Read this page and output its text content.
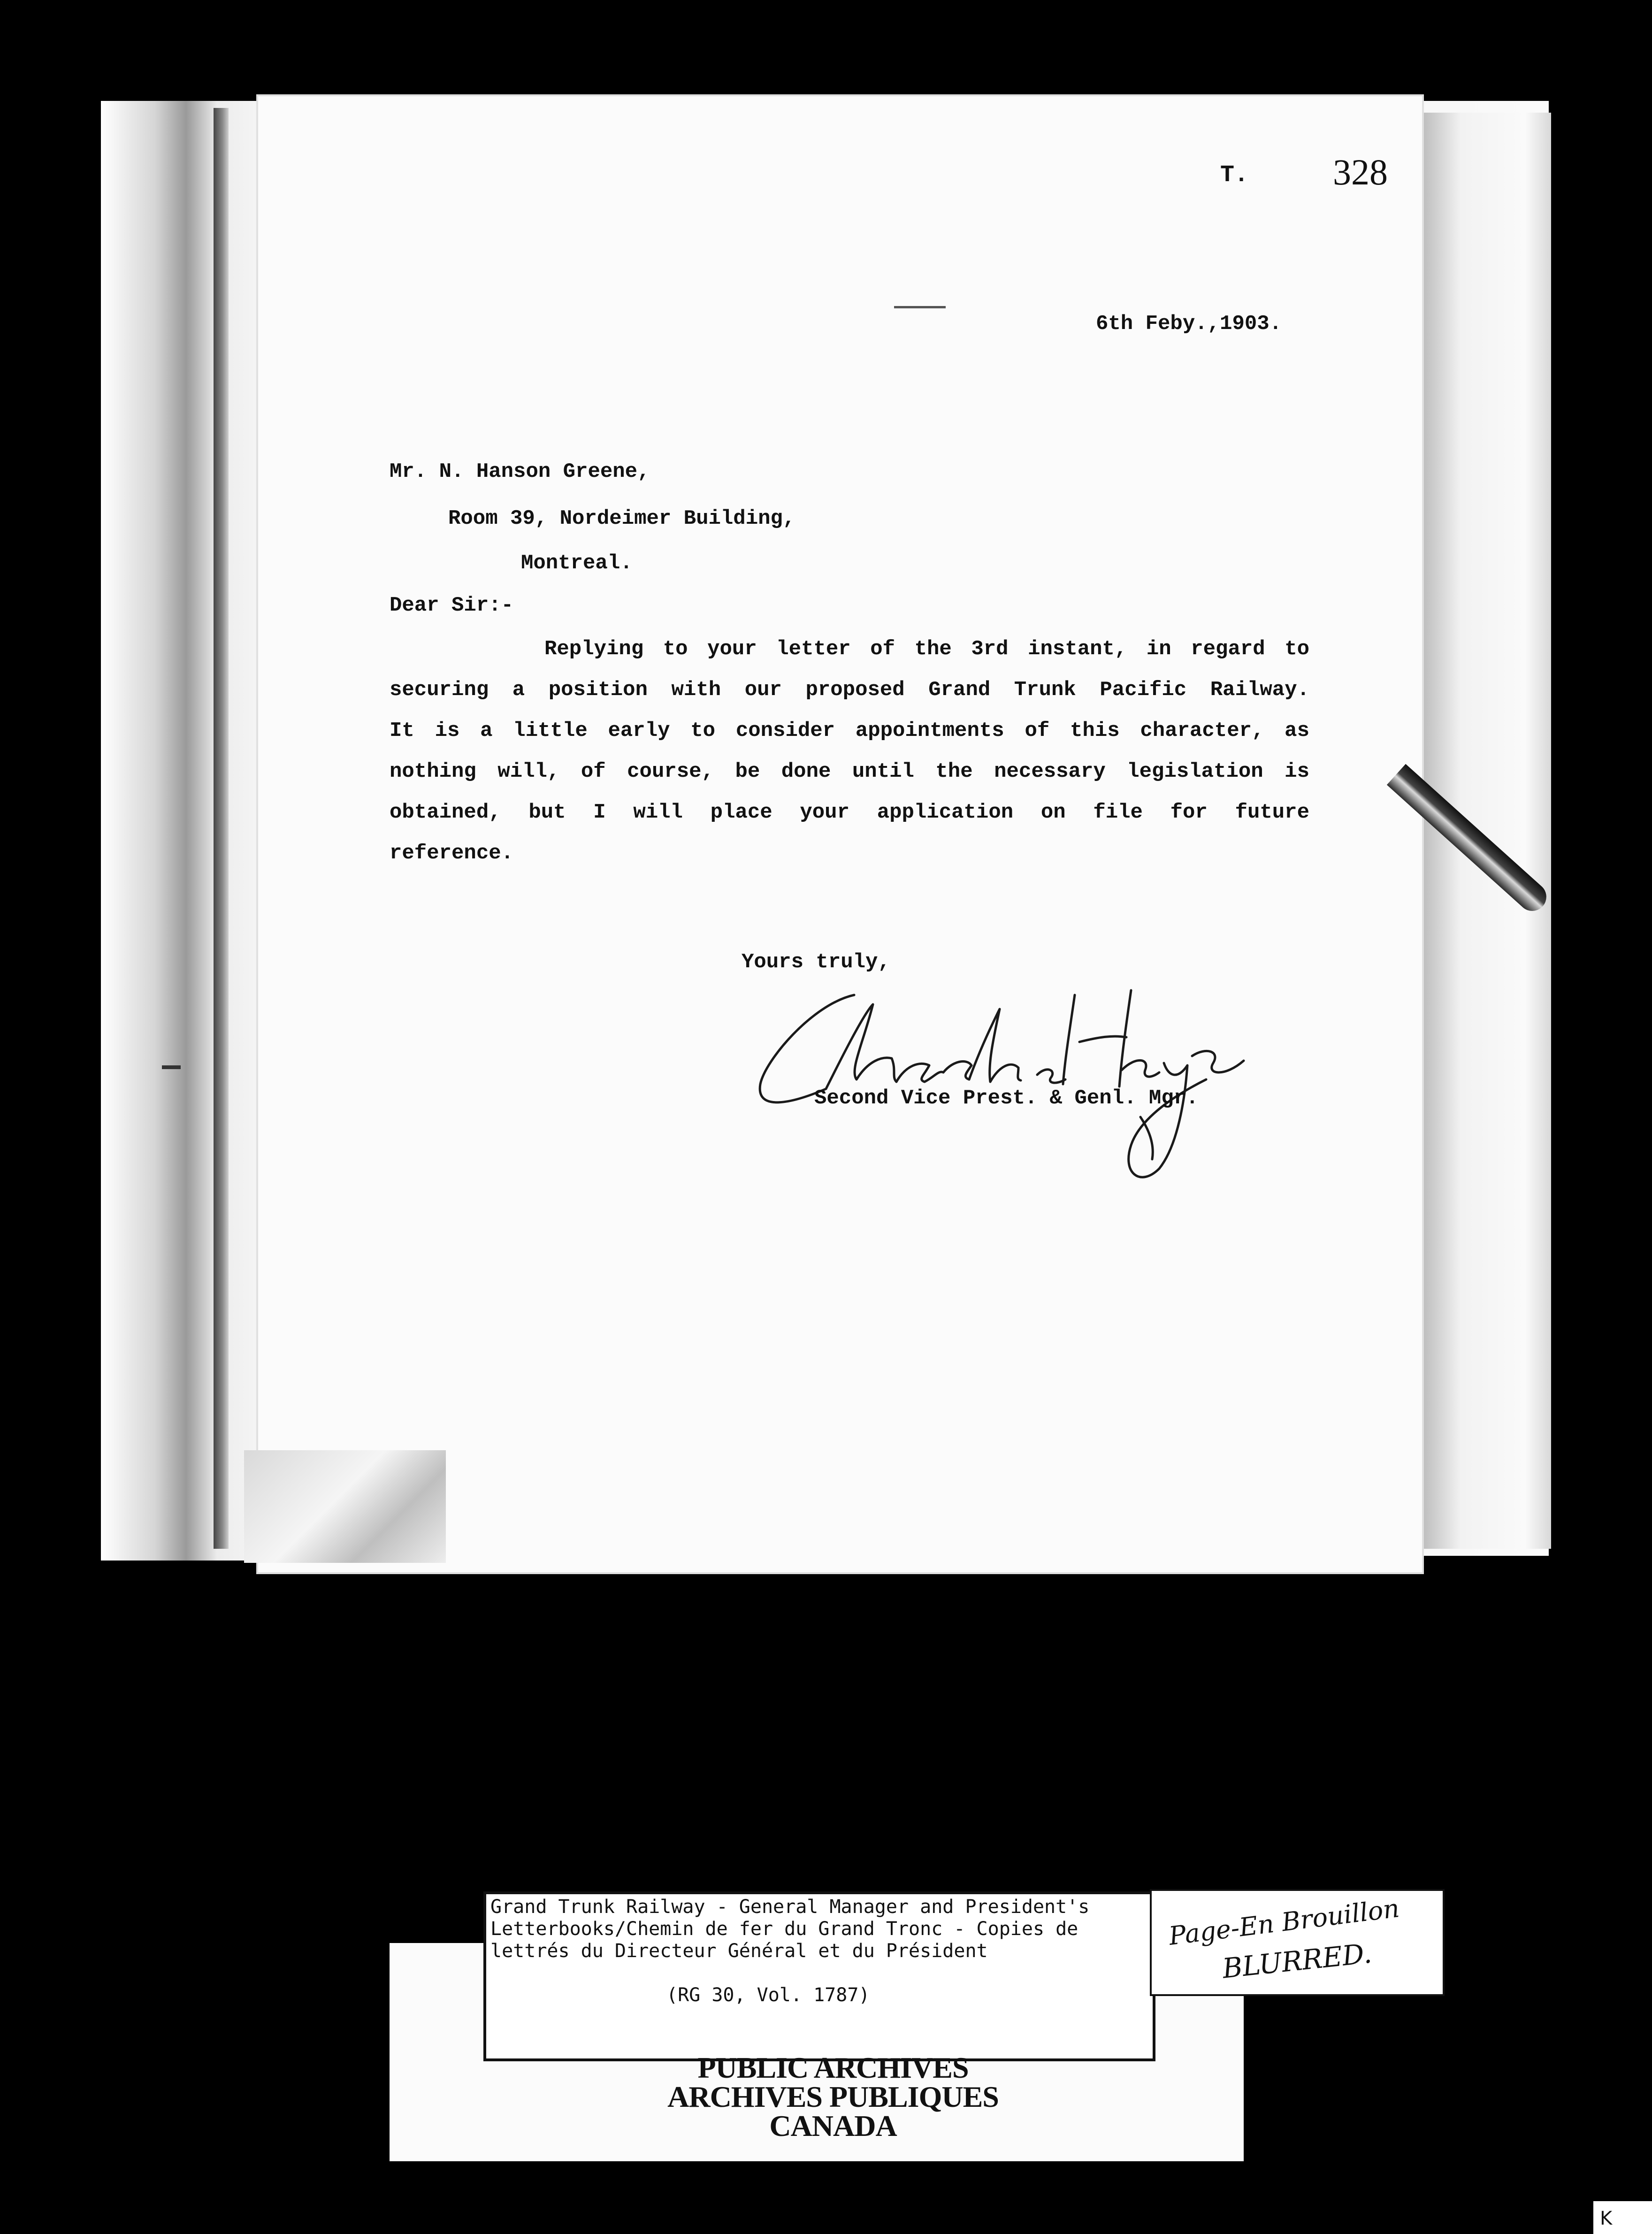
T. 328
6th Feby.,1903.
Mr. N. Hanson Greene,
Room 39, Nordeimer Building,
Montreal.
Dear Sir:-
Replying to your letter of the 3rd instant, in regard to
securing a position with our proposed Grand Trunk Pacific Railway.
It is a little early to consider appointments of this character, as
nothing will, of course, be done until the necessary legislation is
obtained, but I will place your application on file for future
reference.
Yours truly,
Second Vice Prest. & Genl. Mgr.
Grand Trunk Railway - General Manager and President's
Letterbooks/Chemin de fer du Grand Tronc - Copies de
lettrés du Directeur Général et du Président
(RG 30, Vol. 1787)
PUBLIC ARCHIVES
ARCHIVES PUBLIQUES
CANADA
Page-En Brouillon
BLURRED.
K
